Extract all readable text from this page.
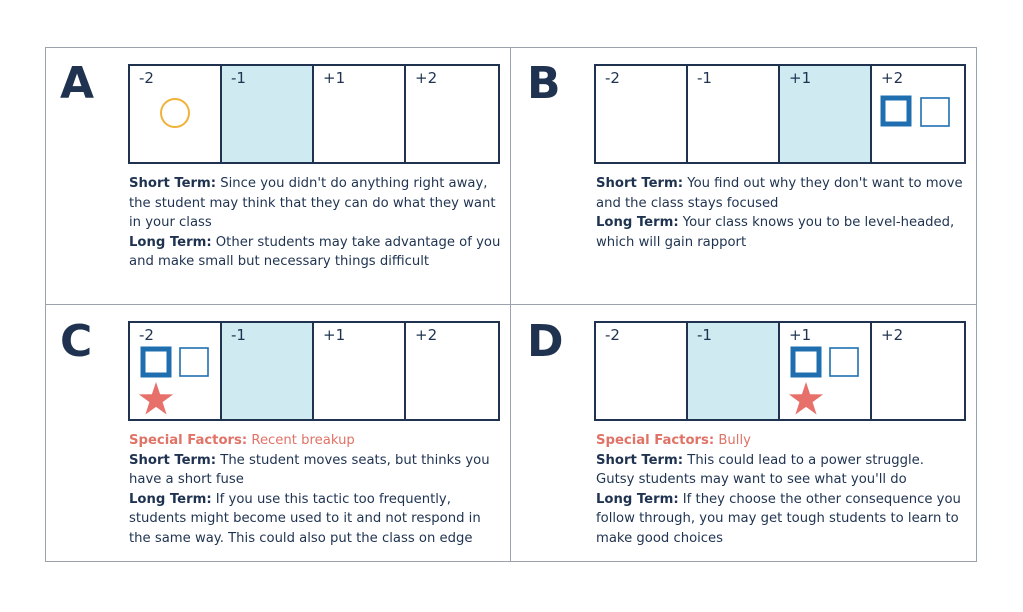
A	-2	-1	+1	+2
Short Term: Since you didn't do anything right away, the student may think that they can do what they want in your class
Long Term: Other students may take advantage of you and make small but necessary things difficult
B	-2	-1	+1	+2
Short Term: You find out why they don't want to move and the class stays focused
Long Term: Your class knows you to be level-headed, which will gain rapport
C	-2	-1	+1	+2
Special Factors: Recent breakup
Short Term: The student moves seats, but thinks you have a short fuse
Long Term: If you use this tactic too frequently, students might become used to it and not respond in the same way. This could also put the class on edge
D	-2	-1	+1	+2
Special Factors: Bully
Short Term: This could lead to a power struggle. Gutsy students may want to see what you'll do
Long Term: If they choose the other consequence you follow through, you may get tough students to learn to make good choices
